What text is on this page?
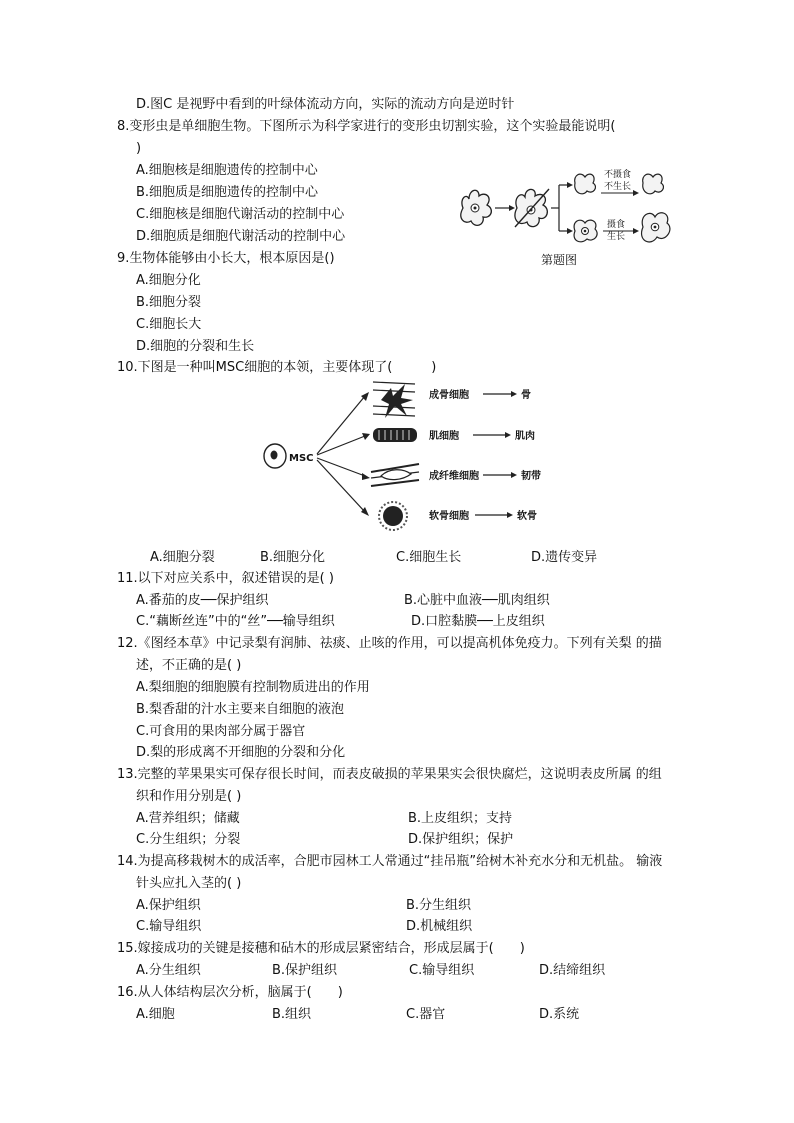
D.图C 是视野中看到的叶绿体流动方向，实际的流动方向是逆时针
8.变形虫是单细胞生物。下图所示为科学家进行的变形虫切割实验，这个实验最能说明(
)
A.细胞核是细胞遗传的控制中心
B.细胞质是细胞遗传的控制中心
C.细胞核是细胞代谢活动的控制中心
D.细胞质是细胞代谢活动的控制中心
不摄食
不生长
摄食
生长
第题图
9.生物体能够由小长大，根本原因是()
A.细胞分化
B.细胞分裂
C.细胞长大
D.细胞的分裂和生长
10.下图是一种叫MSC细胞的本领，主要体现了(　　　)
MSC
成骨细胞
肌细胞
成纤维细胞
软骨细胞
骨
肌肉
韧带
软骨
A.细胞分裂	B.细胞分化	C.细胞生长	D.遗传变异
11.以下对应关系中，叙述错误的是( )
A.番茄的皮──保护组织	B.心脏中血液──肌肉组织
C.“藕断丝连”中的“丝”──输导组织	D.口腔黏膜──上皮组织
12.《图经本草》中记录梨有润肺、祛痰、止咳的作用，可以提高机体免疫力。下列有关梨 的描
述，不正确的是( )
A.梨细胞的细胞膜有控制物质进出的作用
B.梨香甜的汁水主要来自细胞的液泡
C.可食用的果肉部分属于器官
D.梨的形成离不开细胞的分裂和分化
13.完整的苹果果实可保存很长时间，而表皮破损的苹果果实会很快腐烂，这说明表皮所属 的组
织和作用分别是( )
A.营养组织；储藏	B.上皮组织；支持
C.分生组织；分裂	D.保护组织；保护
14.为提高移栽树木的成活率，合肥市园林工人常通过“挂吊瓶”给树木补充水分和无机盐。 输液
针头应扎入茎的( )
A.保护组织	B.分生组织
C.输导组织	D.机械组织
15.嫁接成功的关键是接穗和砧木的形成层紧密结合，形成层属于(　　)
A.分生组织	B.保护组织	C.输导组织	D.结缔组织
16.从人体结构层次分析，脑属于(　　)
A.细胞	B.组织	C.器官	D.系统
